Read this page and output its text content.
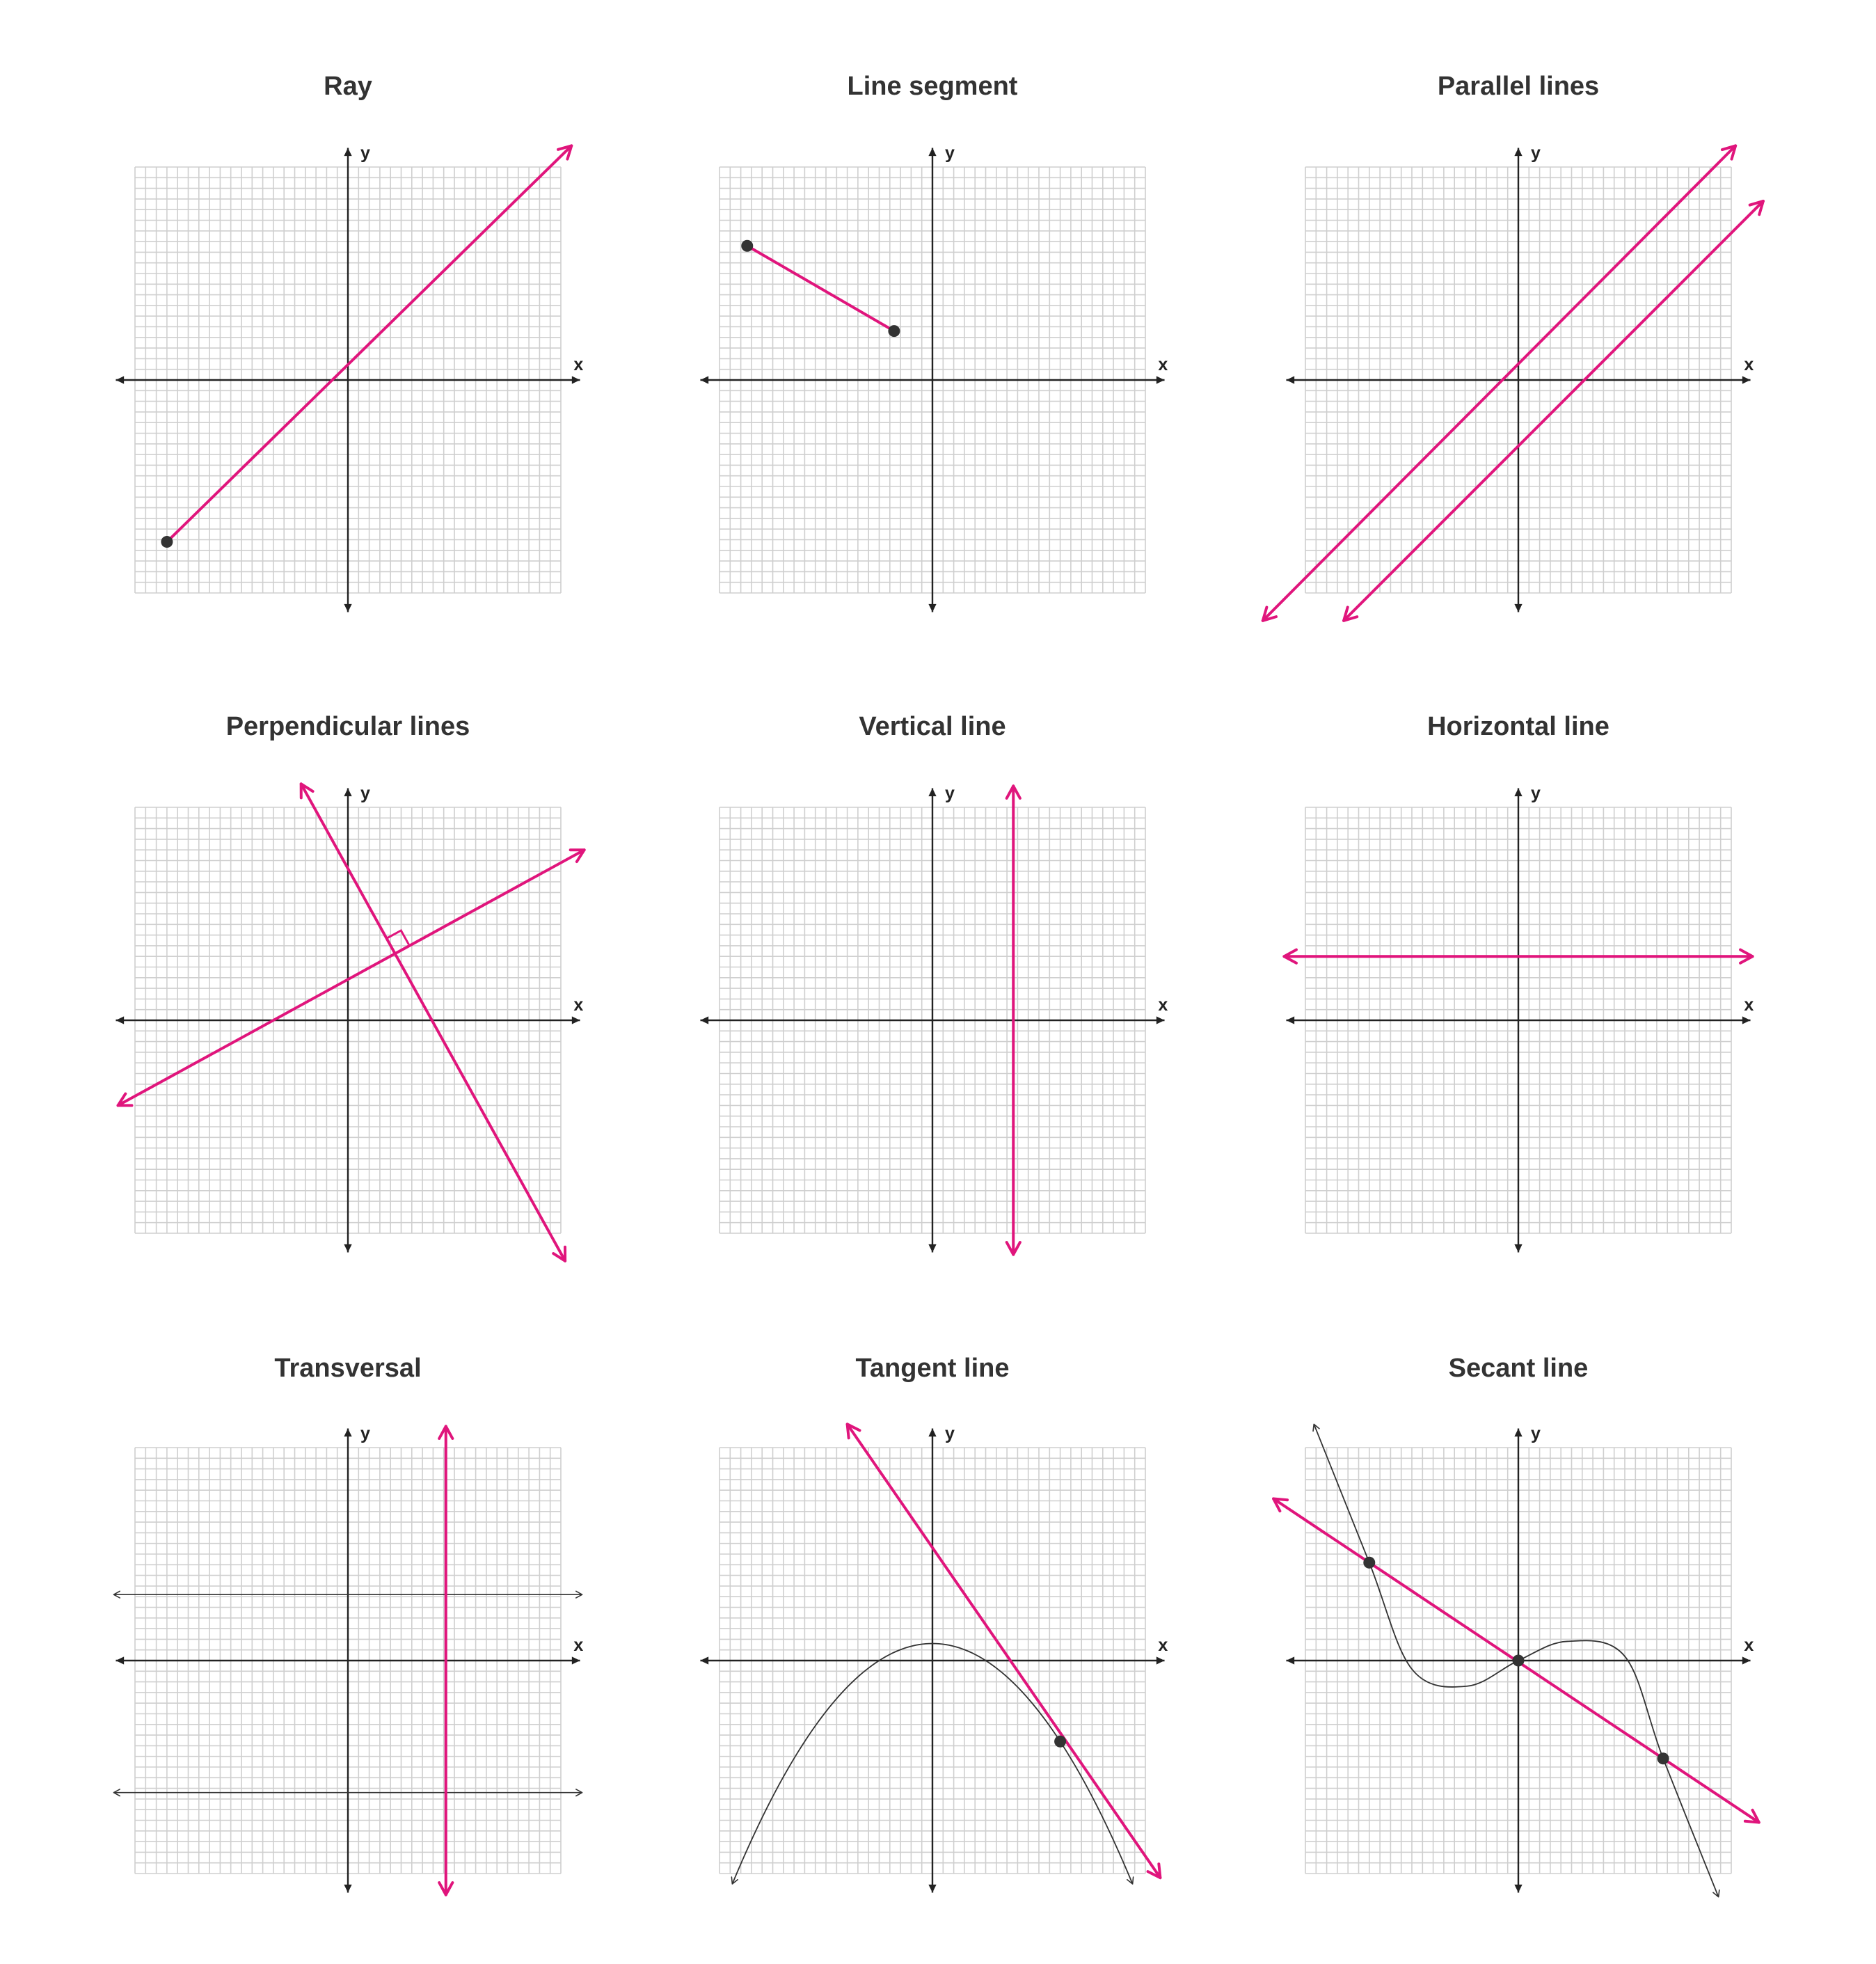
Ray
x
y
Line segment
x
y
Parallel lines
x
y
Perpendicular lines
x
y
Vertical line
x
y
Horizontal line
x
y
Transversal
x
y
Tangent line
x
y
Secant line
x
y
